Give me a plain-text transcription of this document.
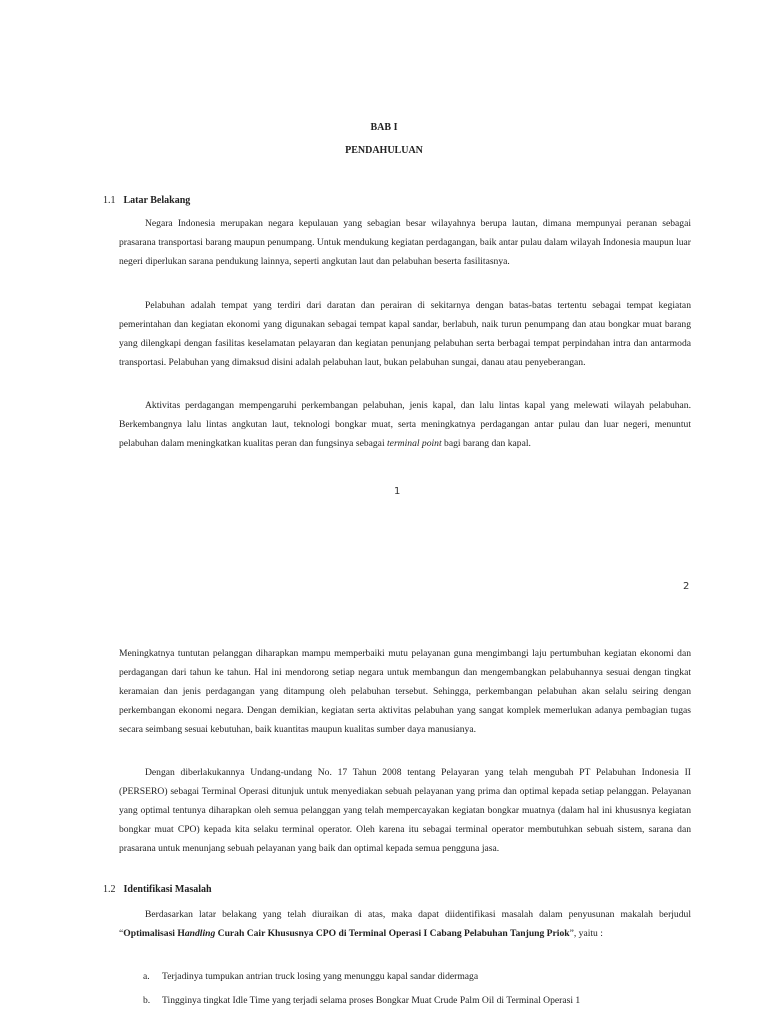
BAB I
PENDAHULUAN
1.1 Latar Belakang

Negara Indonesia merupakan negara kepulauan yang sebagian besar wilayahnya berupa lautan, dimana mempunyai peranan sebagai prasarana transportasi barang maupun penumpang. Untuk mendukung kegiatan perdagangan, baik antar pulau dalam wilayah Indonesia maupun luar negeri diperlukan sarana pendukung lainnya, seperti angkutan laut dan pelabuhan beserta fasilitasnya.

Pelabuhan adalah tempat yang terdiri dari daratan dan perairan di sekitarnya dengan batas-batas tertentu sebagai tempat kegiatan pemerintahan dan kegiatan ekonomi yang digunakan sebagai tempat kapal sandar, berlabuh, naik turun penumpang dan atau bongkar muat barang yang dilengkapi dengan fasilitas keselamatan pelayaran dan kegiatan penunjang pelabuhan serta berbagai tempat perpindahan intra dan antarmoda transportasi. Pelabuhan yang dimaksud disini adalah pelabuhan laut, bukan pelabuhan sungai, danau atau penyeberangan.

Aktivitas perdagangan mempengaruhi perkembangan pelabuhan, jenis kapal, dan lalu lintas kapal yang melewati wilayah pelabuhan. Berkembangnya lalu lintas angkutan laut, teknologi bongkar muat, serta meningkatnya perdagangan antar pulau dan luar negeri, menuntut pelabuhan dalam meningkatkan kualitas peran dan fungsinya sebagai terminal point bagi barang dan kapal.

1
2

Meningkatnya tuntutan pelanggan diharapkan mampu memperbaiki mutu pelayanan guna mengimbangi laju pertumbuhan kegiatan ekonomi dan perdagangan dari tahun ke tahun. Hal ini mendorong setiap negara untuk membangun dan mengembangkan pelabuhannya sesuai dengan tingkat keramaian dan jenis perdagangan yang ditampung oleh pelabuhan tersebut. Sehingga, perkembangan pelabuhan akan selalu seiring dengan perkembangan ekonomi negara. Dengan demikian, kegiatan serta aktivitas pelabuhan yang sangat komplek memerlukan adanya pembagian tugas secara seimbang sesuai kebutuhan, baik kuantitas maupun kualitas sumber daya manusianya.

Dengan diberlakukannya Undang-undang No. 17 Tahun 2008 tentang Pelayaran yang telah mengubah PT Pelabuhan Indonesia II (PERSERO) sebagai Terminal Operasi ditunjuk untuk menyediakan sebuah pelayanan yang prima dan optimal kepada setiap pelanggan. Pelayanan yang optimal tentunya diharapkan oleh semua pelanggan yang telah mempercayakan kegiatan bongkar muatnya (dalam hal ini khususnya kegiatan bongkar muat CPO) kepada kita selaku terminal operator. Oleh karena itu sebagai terminal operator membutuhkan sebuah sistem, sarana dan prasarana untuk menunjang sebuah pelayanan yang baik dan optimal kepada semua pengguna jasa.

1.2 Identifikasi Masalah

Berdasarkan latar belakang yang telah diuraikan di atas, maka dapat diidentifikasi masalah dalam penyusunan makalah berjudul “Optimalisasi Handling Curah Cair Khususnya CPO di Terminal Operasi I Cabang Pelabuhan Tanjung Priok”, yaitu :

a. Terjadinya tumpukan antrian truck losing yang menunggu kapal sandar didermaga
b. Tingginya tingkat Idle Time yang terjadi selama proses Bongkar Muat Crude Palm Oil di Terminal Operasi 1
